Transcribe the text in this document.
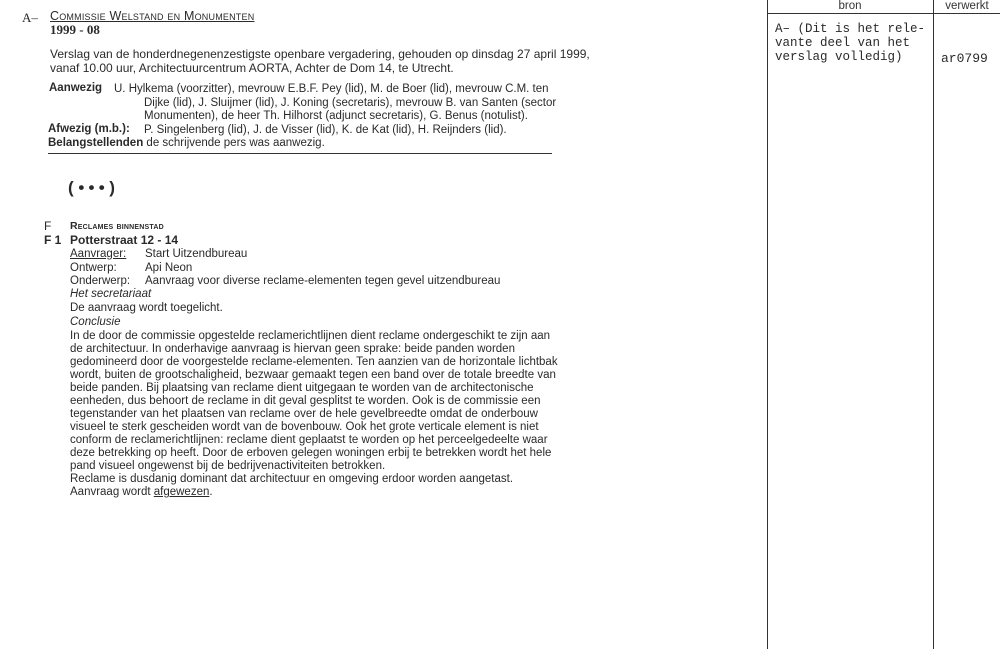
A– Commissie Welstand en Monumenten
1999 - 08
Verslag van de honderdnegenenzestigste openbare vergadering, gehouden op dinsdag 27 april 1999,
vanaf 10.00 uur, Architectuurcentrum AORTA, Achter de Dom 14, te Utrecht.
Aanwezig U. Hylkema (voorzitter), mevrouw E.B.F. Pey (lid), M. de Boer (lid), mevrouw C.M. ten
Dijke (lid), J. Sluijmer (lid), J. Koning (secretaris), mevrouw B. van Santen (sector
Monumenten), de heer Th. Hilhorst (adjunct secretaris), G. Benus (notulist).
Afwezig (m.b.): P. Singelenberg (lid), J. de Visser (lid), K. de Kat (lid), H. Reijnders (lid).
Belangstellenden de schrijvende pers was aanwezig.
(•••)
F Reclames binnenstad
F 1 Potterstraat 12 - 14
Aanvrager: Start Uitzendbureau
Ontwerp: Api Neon
Onderwerp: Aanvraag voor diverse reclame-elementen tegen gevel uitzendbureau
Het secretariaat
De aanvraag wordt toegelicht.
Conclusie
In de door de commissie opgestelde reclamerichtlijnen dient reclame ondergeschikt te zijn aan
de architectuur. In onderhavige aanvraag is hiervan geen sprake: beide panden worden
gedomineerd door de voorgestelde reclame-elementen. Ten aanzien van de horizontale lichtbak
wordt, buiten de grootschaligheid, bezwaar gemaakt tegen een band over de totale breedte van
beide panden. Bij plaatsing van reclame dient uitgegaan te worden van de architectonische
eenheden, dus behoort de reclame in dit geval gesplitst te worden. Ook is de commissie een
tegenstander van het plaatsen van reclame over de hele gevelbreedte omdat de onderbouw
visueel te sterk gescheiden wordt van de bovenbouw. Ook het grote verticale element is niet
conform de reclamerichtlijnen: reclame dient geplaatst te worden op het perceelgedeelte waar
deze betrekking op heeft. Door de erboven gelegen woningen erbij te betrekken wordt het hele
pand visueel ongewenst bij de bedrijvenactiviteiten betrokken.
Reclame is dusdanig dominant dat architectuur en omgeving erdoor worden aangetast.
Aanvraag wordt afgewezen.
bron	verwerkt
A– (Dit is het rele-
vante deel van het
verslag volledig)	ar0799
